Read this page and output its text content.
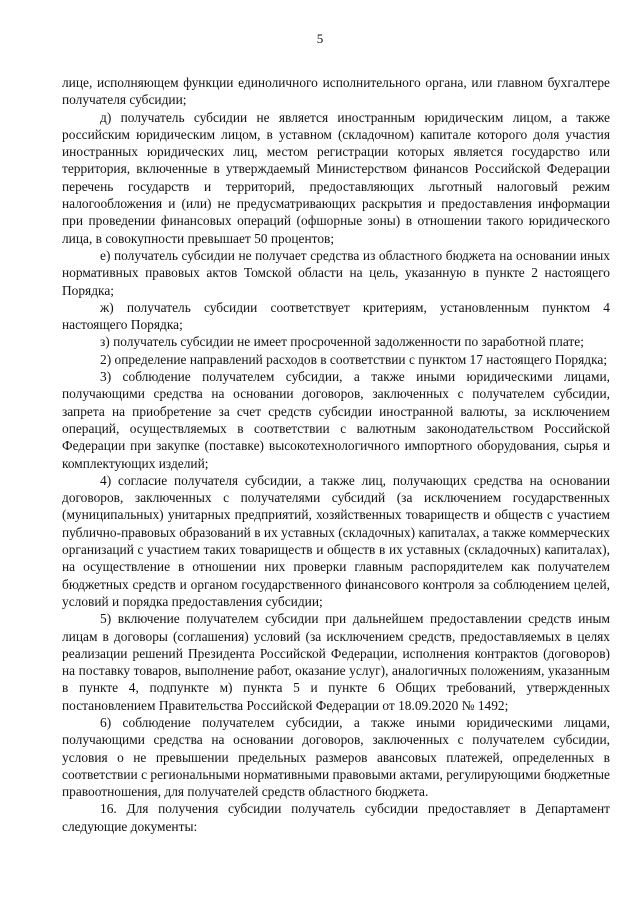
5

лице, исполняющем функции единоличного исполнительного органа, или главном бухгалтере получателя субсидии;

д) получатель субсидии не является иностранным юридическим лицом, а также российским юридическим лицом, в уставном (складочном) капитале которого доля участия иностранных юридических лиц, местом регистрации которых является государство или территория, включенные в утверждаемый Министерством финансов Российской Федерации перечень государств и территорий, предоставляющих льготный налоговый режим налогообложения и (или) не предусматривающих раскрытия и предоставления информации при проведении финансовых операций (офшорные зоны) в отношении такого юридического лица, в совокупности превышает 50 процентов;

е) получатель субсидии не получает средства из областного бюджета на основании иных нормативных правовых актов Томской области на цель, указанную в пункте 2 настоящего Порядка;

ж) получатель субсидии соответствует критериям, установленным пунктом 4 настоящего Порядка;

з) получатель субсидии не имеет просроченной задолженности по заработной плате;

2) определение направлений расходов в соответствии с пунктом 17 настоящего Порядка;

3) соблюдение получателем субсидии, а также иными юридическими лицами, получающими средства на основании договоров, заключенных с получателем субсидии, запрета на приобретение за счет средств субсидии иностранной валюты, за исключением операций, осуществляемых в соответствии с валютным законодательством Российской Федерации при закупке (поставке) высокотехнологичного импортного оборудования, сырья и комплектующих изделий;

4) согласие получателя субсидии, а также лиц, получающих средства на основании договоров, заключенных с получателями субсидий (за исключением государственных (муниципальных) унитарных предприятий, хозяйственных товариществ и обществ с участием публично-правовых образований в их уставных (складочных) капиталах, а также коммерческих организаций с участием таких товариществ и обществ в их уставных (складочных) капиталах), на осуществление в отношении них проверки главным распорядителем как получателем бюджетных средств и органом государственного финансового контроля за соблюдением целей, условий и порядка предоставления субсидии;

5) включение получателем субсидии при дальнейшем предоставлении средств иным лицам в договоры (соглашения) условий (за исключением средств, предоставляемых в целях реализации решений Президента Российской Федерации, исполнения контрактов (договоров) на поставку товаров, выполнение работ, оказание услуг), аналогичных положениям, указанным в пункте 4, подпункте м) пункта 5 и пункте 6 Общих требований, утвержденных постановлением Правительства Российской Федерации от 18.09.2020 № 1492;

6) соблюдение получателем субсидии, а также иными юридическими лицами, получающими средства на основании договоров, заключенных с получателем субсидии, условия о не превышении предельных размеров авансовых платежей, определенных в соответствии с региональными нормативными правовыми актами, регулирующими бюджетные правоотношения, для получателей средств областного бюджета.

16. Для получения субсидии получатель субсидии предоставляет в Департамент следующие документы:
